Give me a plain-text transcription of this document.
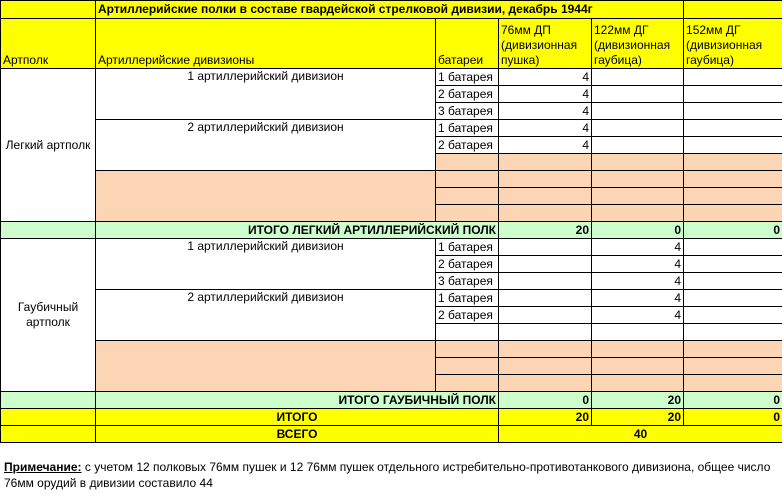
	Артиллерийские полки в составе гвардейской стрелковой дивизии, декабрь 1944г				
Артполк	Артиллерийские дивизионы	батареи	76мм ДП (дивизионная пушка)	122мм ДГ (дивизионная гаубица)	152мм ДГ (дивизионная гаубица)
Легкий артполк	1 артиллерийский дивизион	1 батарея	4		
		2 батарея	4		
		3 батарея	4		
	2 артиллерийский дивизион	1 батарея	4		
		2 батарея	4		

	ИТОГО ЛЕГКИЙ АРТИЛЛЕРИЙСКИЙ ПОЛК		20	0	0
Гаубичный артполк	1 артиллерийский дивизион	1 батарея		4	
		2 батарея		4	
		3 батарея		4	
	2 артиллерийский дивизион	1 батарея		4	
		2 батарея		4	

	ИТОГО ГАУБИЧНЫЙ ПОЛК		0	20	0
	ИТОГО		20	20	0
	ВСЕГО		40		
Примечание: с учетом 12 полковых 76мм пушек и 12 76мм пушек отдельного истребительно-противотанкового дивизиона, общее число 76мм орудий в дивизии составило 44
